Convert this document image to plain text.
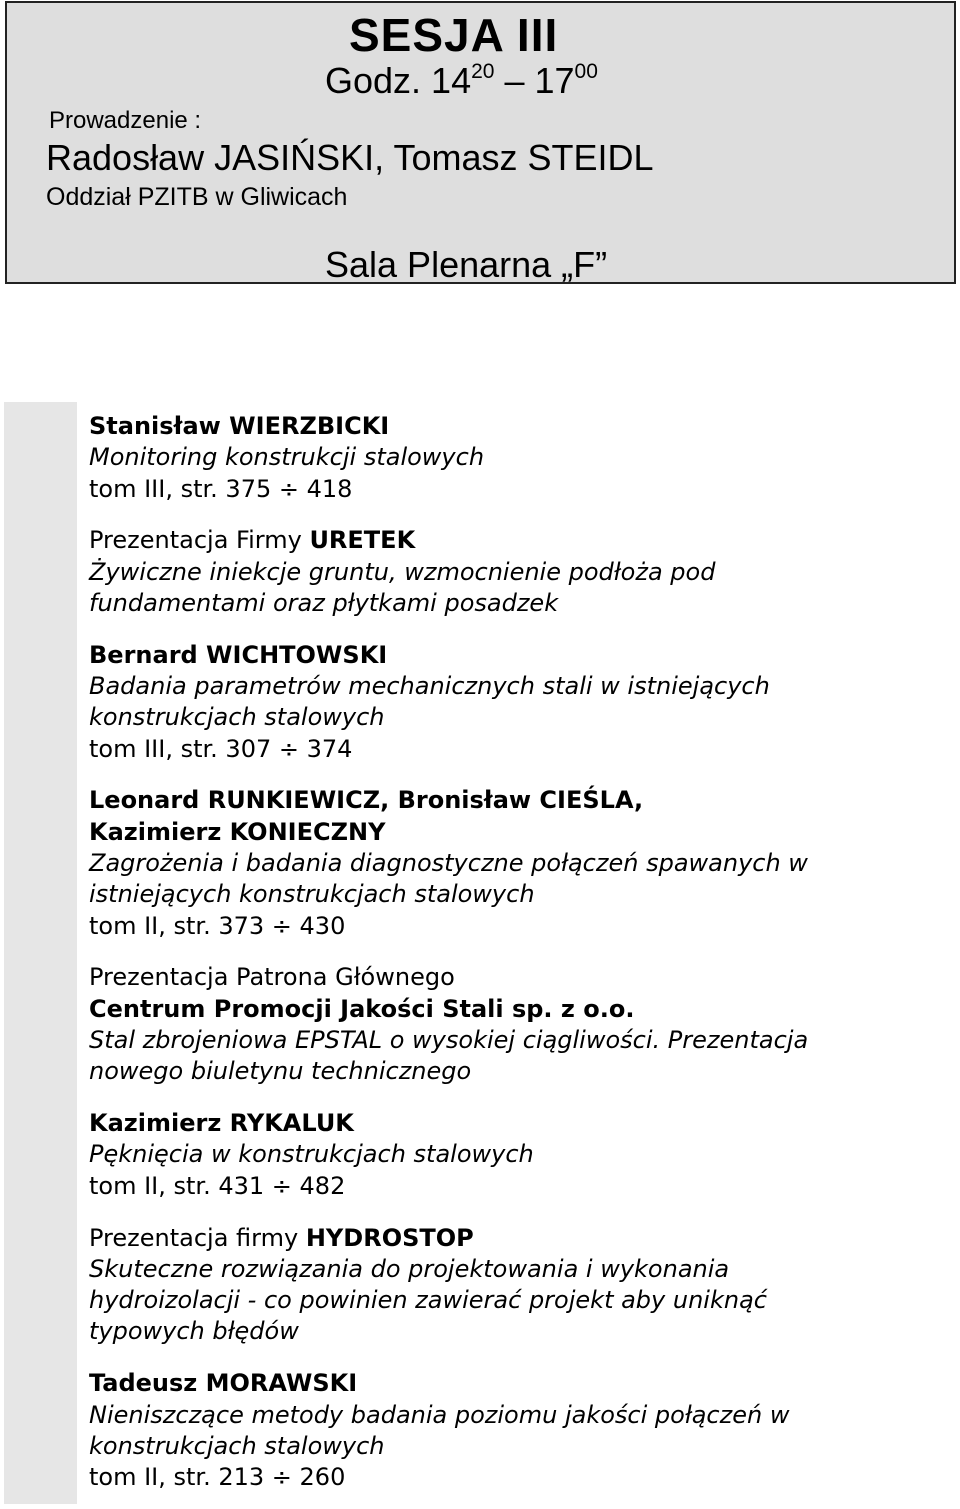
SESJA III
Godz. $14^{20} - 17^{00}$
Prowadzenie :
Radosław JASIŃSKI, Tomasz STEIDL
Oddział PZITB w Gliwicach
Sala Plenarna „F”
Stanisław WIERZBICKI
Monitoring konstrukcji stalowych
tom III, str. 375 ÷ 418
Prezentacja Firmy URETEK
Żywiczne iniekcje gruntu, wzmocnienie podłoża pod
fundamentami oraz płytkami posadzek
Bernard WICHTOWSKI
Badania parametrów mechanicznych stali w istniejących
konstrukcjach stalowych
tom III, str. 307 ÷ 374
Leonard RUNKIEWICZ, Bronisław CIEŚLA,
Kazimierz KONIECZNY
Zagrożenia i badania diagnostyczne połączeń spawanych w
istniejących konstrukcjach stalowych
tom II, str. 373 ÷ 430
Prezentacja Patrona Głównego
Centrum Promocji Jakości Stali sp. z o.o.
Stal zbrojeniowa EPSTAL o wysokiej ciągliwości. Prezentacja
nowego biuletynu technicznego
Kazimierz RYKALUK
Pęknięcia w konstrukcjach stalowych
tom II, str. 431 ÷ 482
Prezentacja firmy HYDROSTOP
Skuteczne rozwiązania do projektowania i wykonania
hydroizolacji - co powinien zawierać projekt aby uniknąć
typowych błędów
Tadeusz MORAWSKI
Nieniszczące metody badania poziomu jakości połączeń w
konstrukcjach stalowych
tom II, str. 213 ÷ 260
